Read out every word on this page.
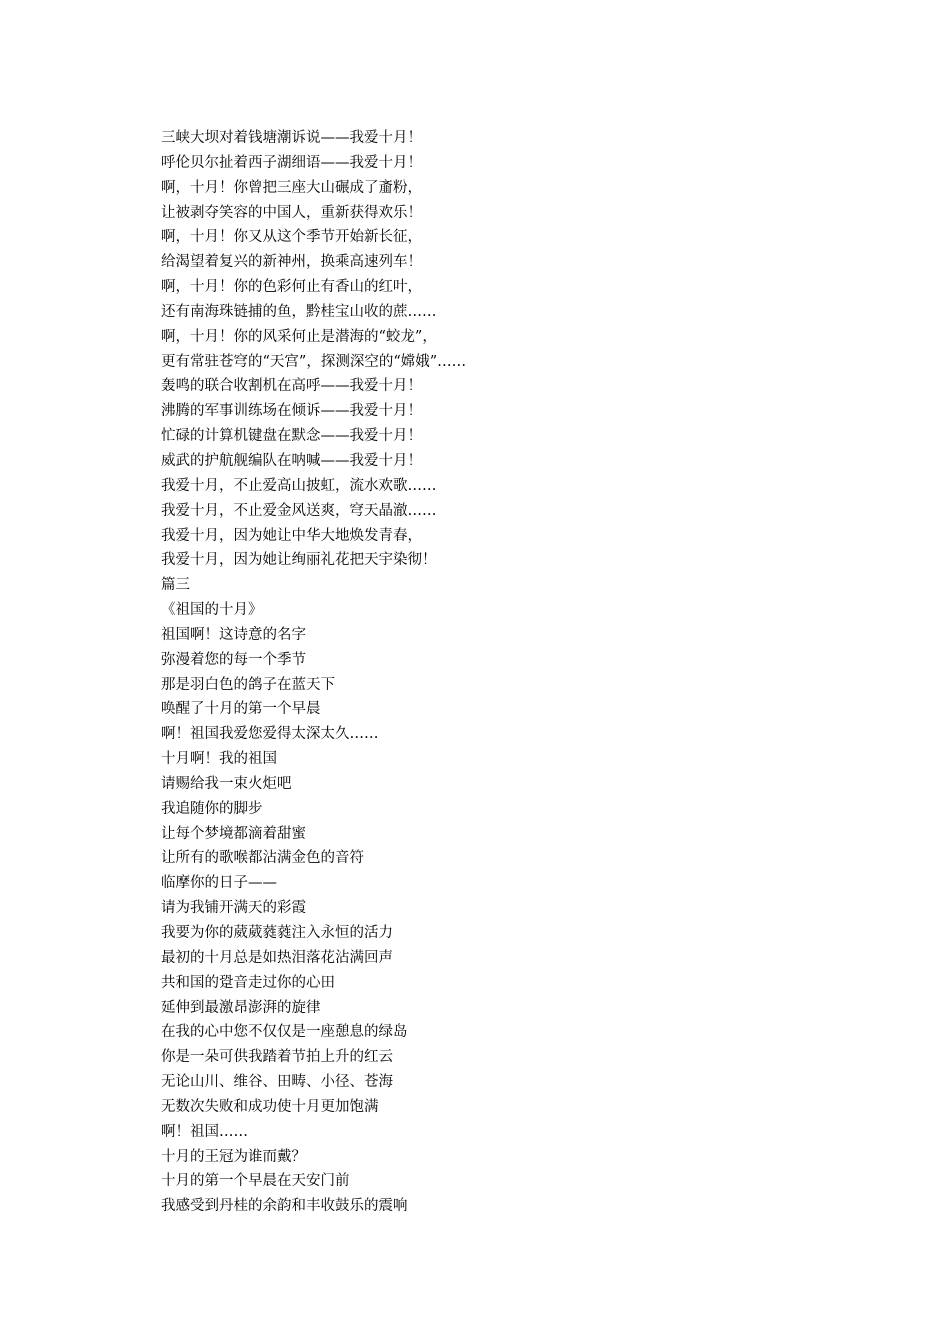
三峡大坝对着钱塘潮诉说——我爱十月！
呼伦贝尔扯着西子湖细语——我爱十月！
啊，十月！你曾把三座大山碾成了齑粉，
让被剥夺笑容的中国人，重新获得欢乐！
啊，十月！你又从这个季节开始新长征，
给渴望着复兴的新神州，换乘高速列车！
啊，十月！你的色彩何止有香山的红叶，
还有南海珠链捕的鱼，黔桂宝山收的蔗……
啊，十月！你的风采何止是潜海的“蛟龙”，
更有常驻苍穹的“天宫”，探测深空的“嫦娥”……
轰鸣的联合收割机在高呼——我爱十月！
沸腾的军事训练场在倾诉——我爱十月！
忙碌的计算机键盘在默念——我爱十月！
威武的护航舰编队在呐喊——我爱十月！
我爱十月，不止爱高山披虹，流水欢歌……
我爱十月，不止爱金风送爽，穹天晶澈……
我爱十月，因为她让中华大地焕发青春，
我爱十月，因为她让绚丽礼花把天宇染彻！
篇三
《祖国的十月》
祖国啊！这诗意的名字
弥漫着您的每一个季节
那是羽白色的鸽子在蓝天下
唤醒了十月的第一个早晨
啊！祖国我爱您爱得太深太久……
十月啊！我的祖国
请赐给我一束火炬吧
我追随你的脚步
让每个梦境都滴着甜蜜
让所有的歌喉都沾满金色的音符
临摩你的日子——
请为我铺开满天的彩霞
我要为你的葳葳蕤蕤注入永恒的活力
最初的十月总是如热泪落花沾满回声
共和国的跫音走过你的心田
延伸到最激昂澎湃的旋律
在我的心中您不仅仅是一座憩息的绿岛
你是一朵可供我踏着节拍上升的红云
无论山川、维谷、田畴、小径、苍海
无数次失败和成功使十月更加饱满
啊！祖国……
十月的王冠为谁而戴？
十月的第一个早晨在天安门前
我感受到丹桂的余韵和丰收鼓乐的震响
